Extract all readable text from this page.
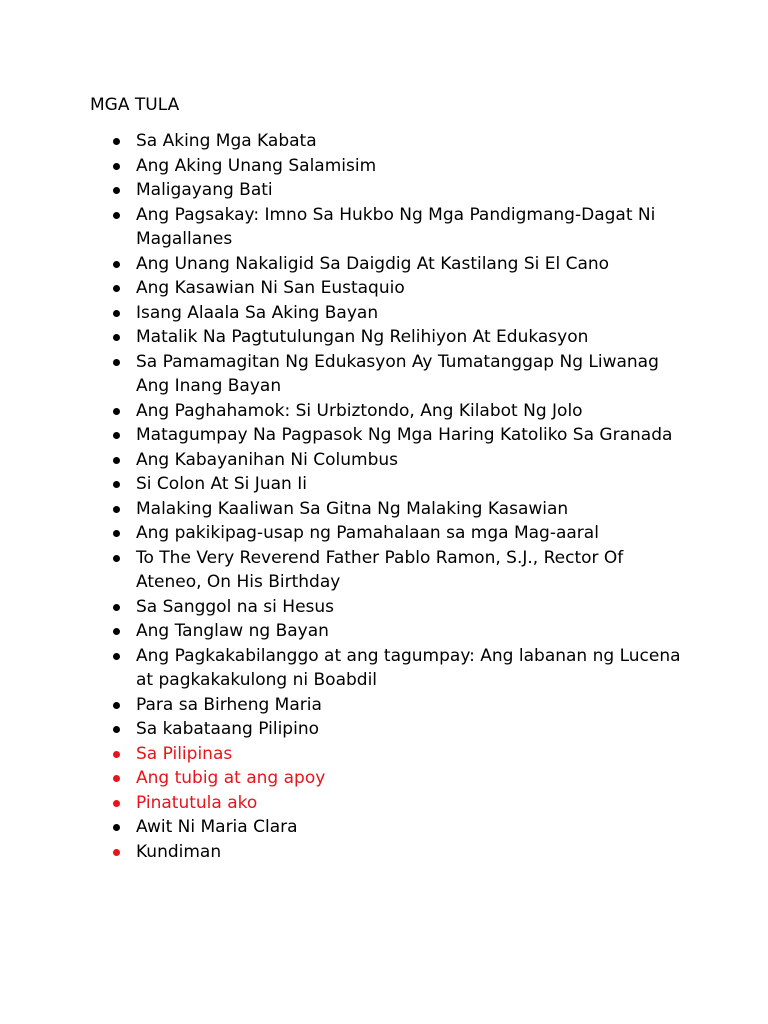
MGA TULA
Sa Aking Mga Kabata
Ang Aking Unang Salamisim
Maligayang Bati
Ang Pagsakay: Imno Sa Hukbo Ng Mga Pandigmang-Dagat Ni Magallanes
Ang Unang Nakaligid Sa Daigdig At Kastilang Si El Cano
Ang Kasawian Ni San Eustaquio
Isang Alaala Sa Aking Bayan
Matalik Na Pagtutulungan Ng Relihiyon At Edukasyon
Sa Pamamagitan Ng Edukasyon Ay Tumatanggap Ng Liwanag Ang Inang Bayan
Ang Paghahamok: Si Urbiztondo, Ang Kilabot Ng Jolo
Matagumpay Na Pagpasok Ng Mga Haring Katoliko Sa Granada
Ang Kabayanihan Ni Columbus
Si Colon At Si Juan Ii
Malaking Kaaliwan Sa Gitna Ng Malaking Kasawian
Ang pakikipag-usap ng Pamahalaan sa mga Mag-aaral
To The Very Reverend Father Pablo Ramon, S.J., Rector Of Ateneo, On His Birthday
Sa Sanggol na si Hesus
Ang Tanglaw ng Bayan
Ang Pagkakabilanggo at ang tagumpay: Ang labanan ng Lucena at pagkakakulong ni Boabdil
Para sa Birheng Maria
Sa kabataang Pilipino
Sa Pilipinas
Ang tubig at ang apoy
Pinatutula ako
Awit Ni Maria Clara
Kundiman
